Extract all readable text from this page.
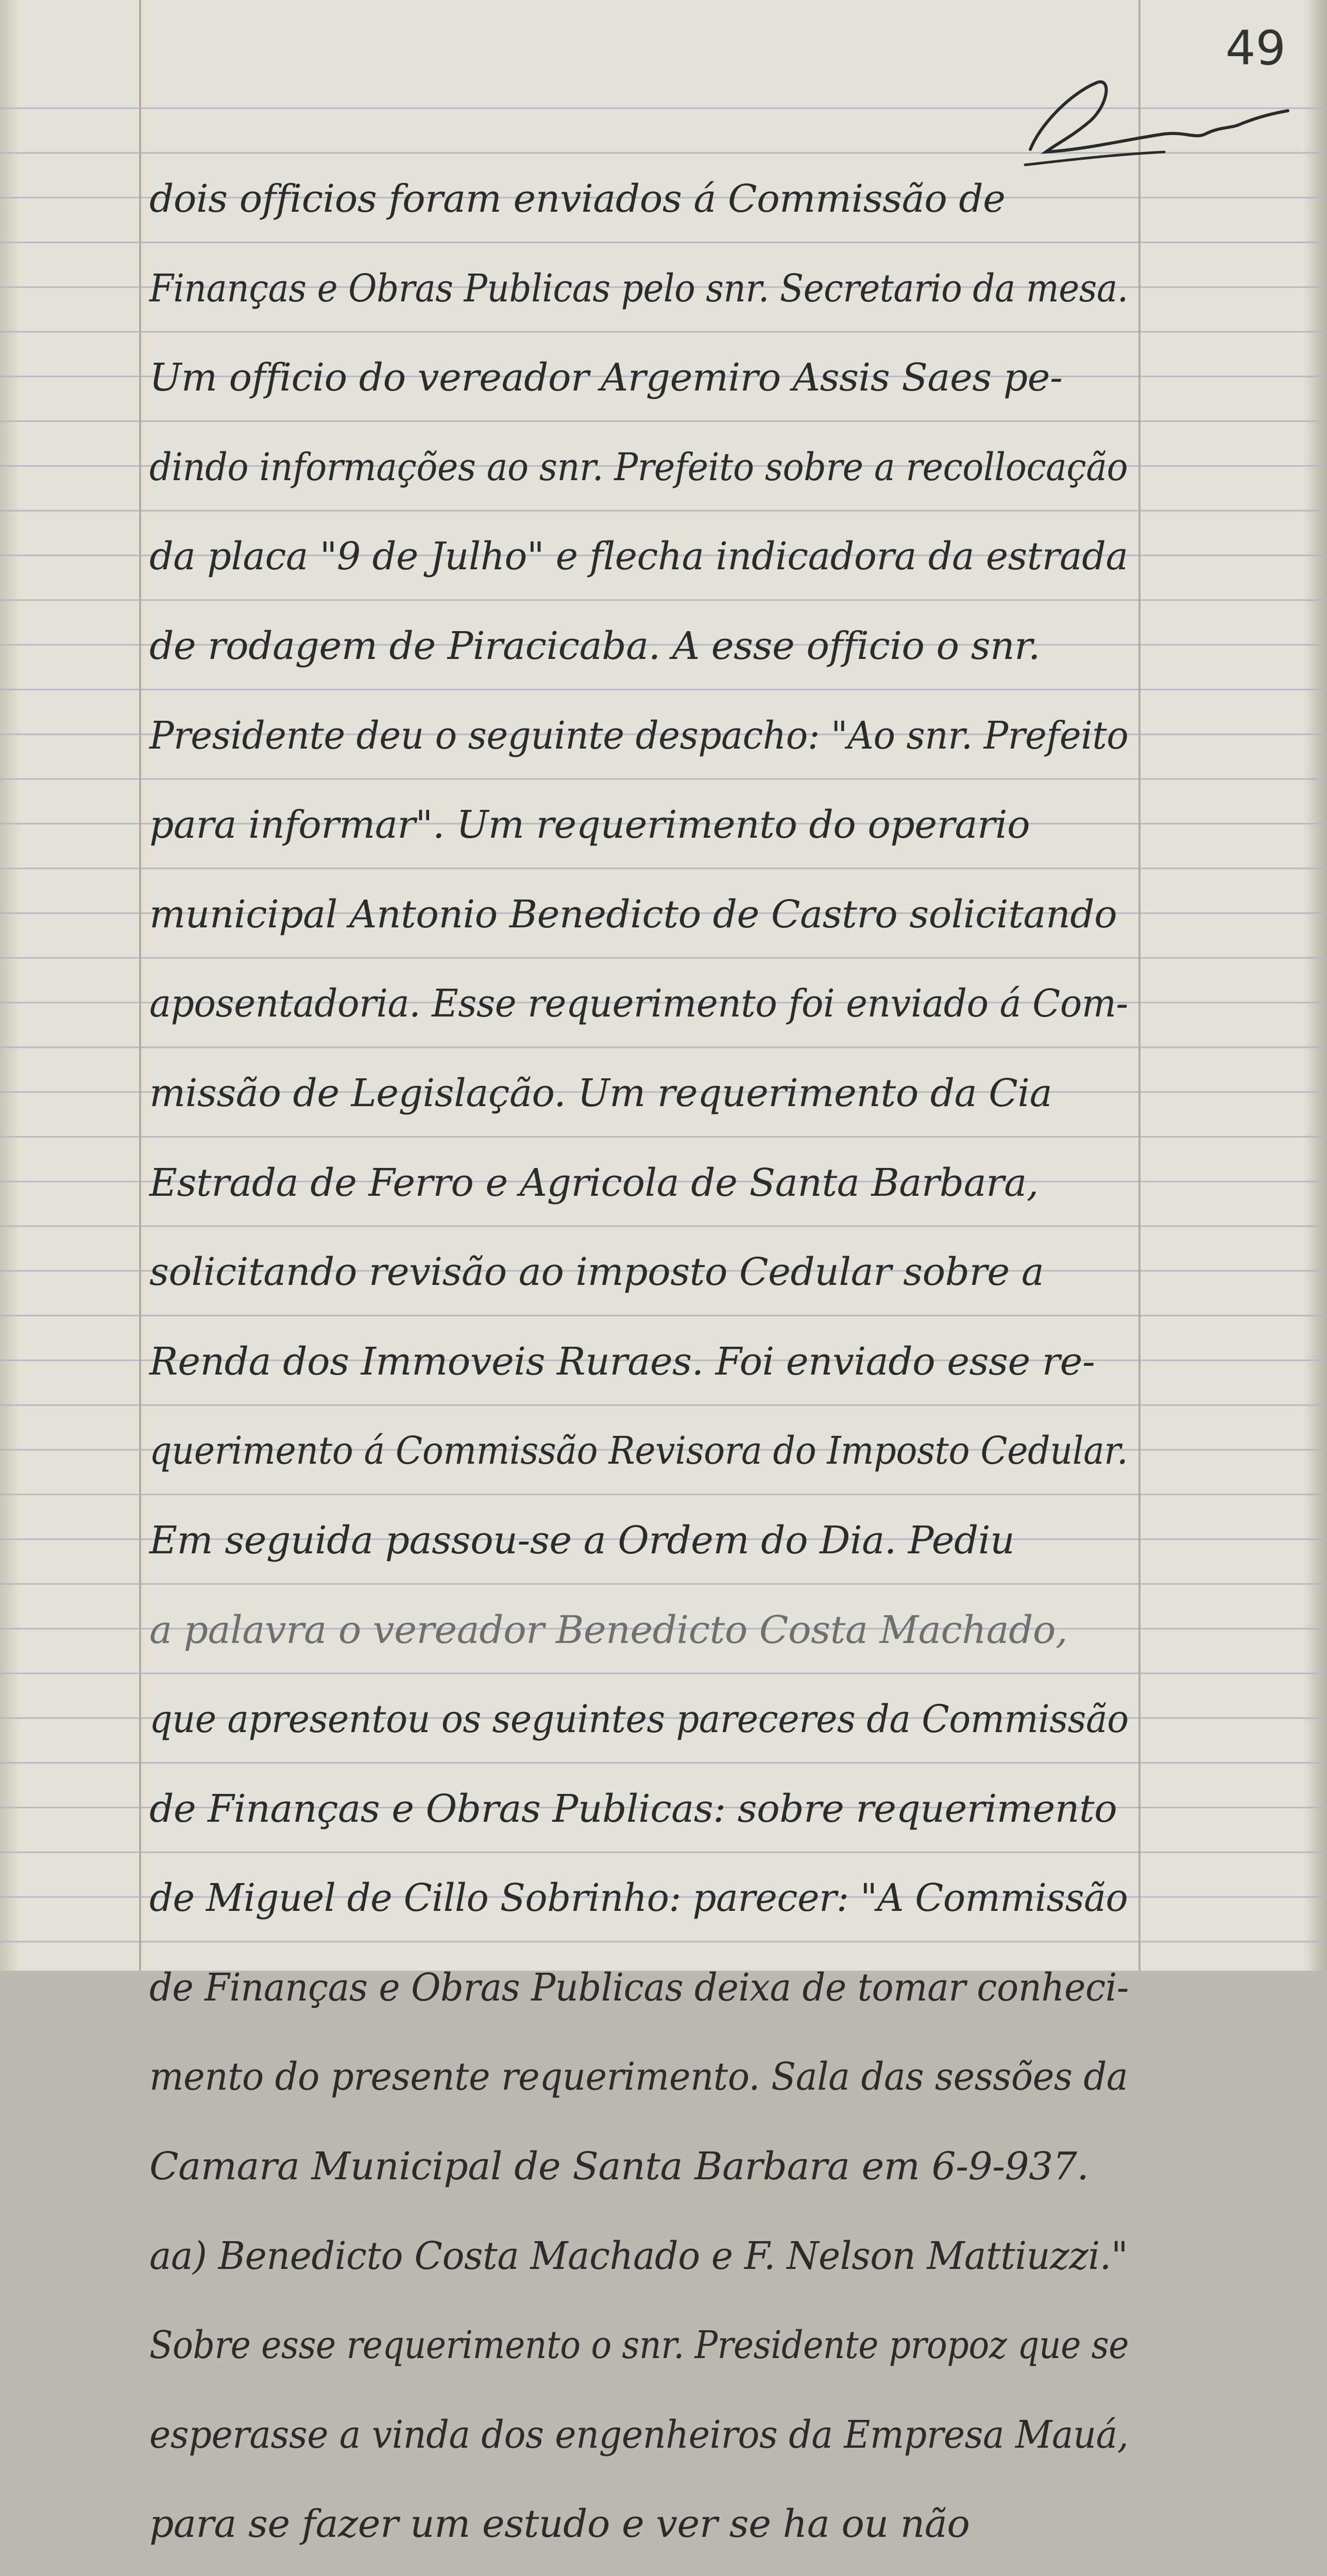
49
dois officios foram enviados á Commissão de
Finanças e Obras Publicas pelo snr. Secretario da mesa.
Um officio do vereador Argemiro Assis Saes pe-
dindo informações ao snr. Prefeito sobre a recollocação
da placa "9 de Julho" e flecha indicadora da estrada
de rodagem de Piracicaba. A esse officio o snr.
Presidente deu o seguinte despacho: "Ao snr. Prefeito
para informar". Um requerimento do operario
municipal Antonio Benedicto de Castro solicitando
aposentadoria. Esse requerimento foi enviado á Com-
missão de Legislação. Um requerimento da Cia
Estrada de Ferro e Agricola de Santa Barbara,
solicitando revisão ao imposto Cedular sobre a
Renda dos Immoveis Ruraes. Foi enviado esse re-
querimento á Commissão Revisora do Imposto Cedular.
Em seguida passou-se a Ordem do Dia. Pediu
a palavra o vereador Benedicto Costa Machado,
que apresentou os seguintes pareceres da Commissão
de Finanças e Obras Publicas: sobre requerimento
de Miguel de Cillo Sobrinho: parecer: "A Commissão
de Finanças e Obras Publicas deixa de tomar conheci-
mento do presente requerimento. Sala das sessões da
Camara Municipal de Santa Barbara em 6-9-937.
aa) Benedicto Costa Machado e F. Nelson Mattiuzzi."
Sobre esse requerimento o snr. Presidente propoz que se
esperasse a vinda dos engenheiros da Empresa Mauá,
para se fazer um estudo e ver se ha ou não
